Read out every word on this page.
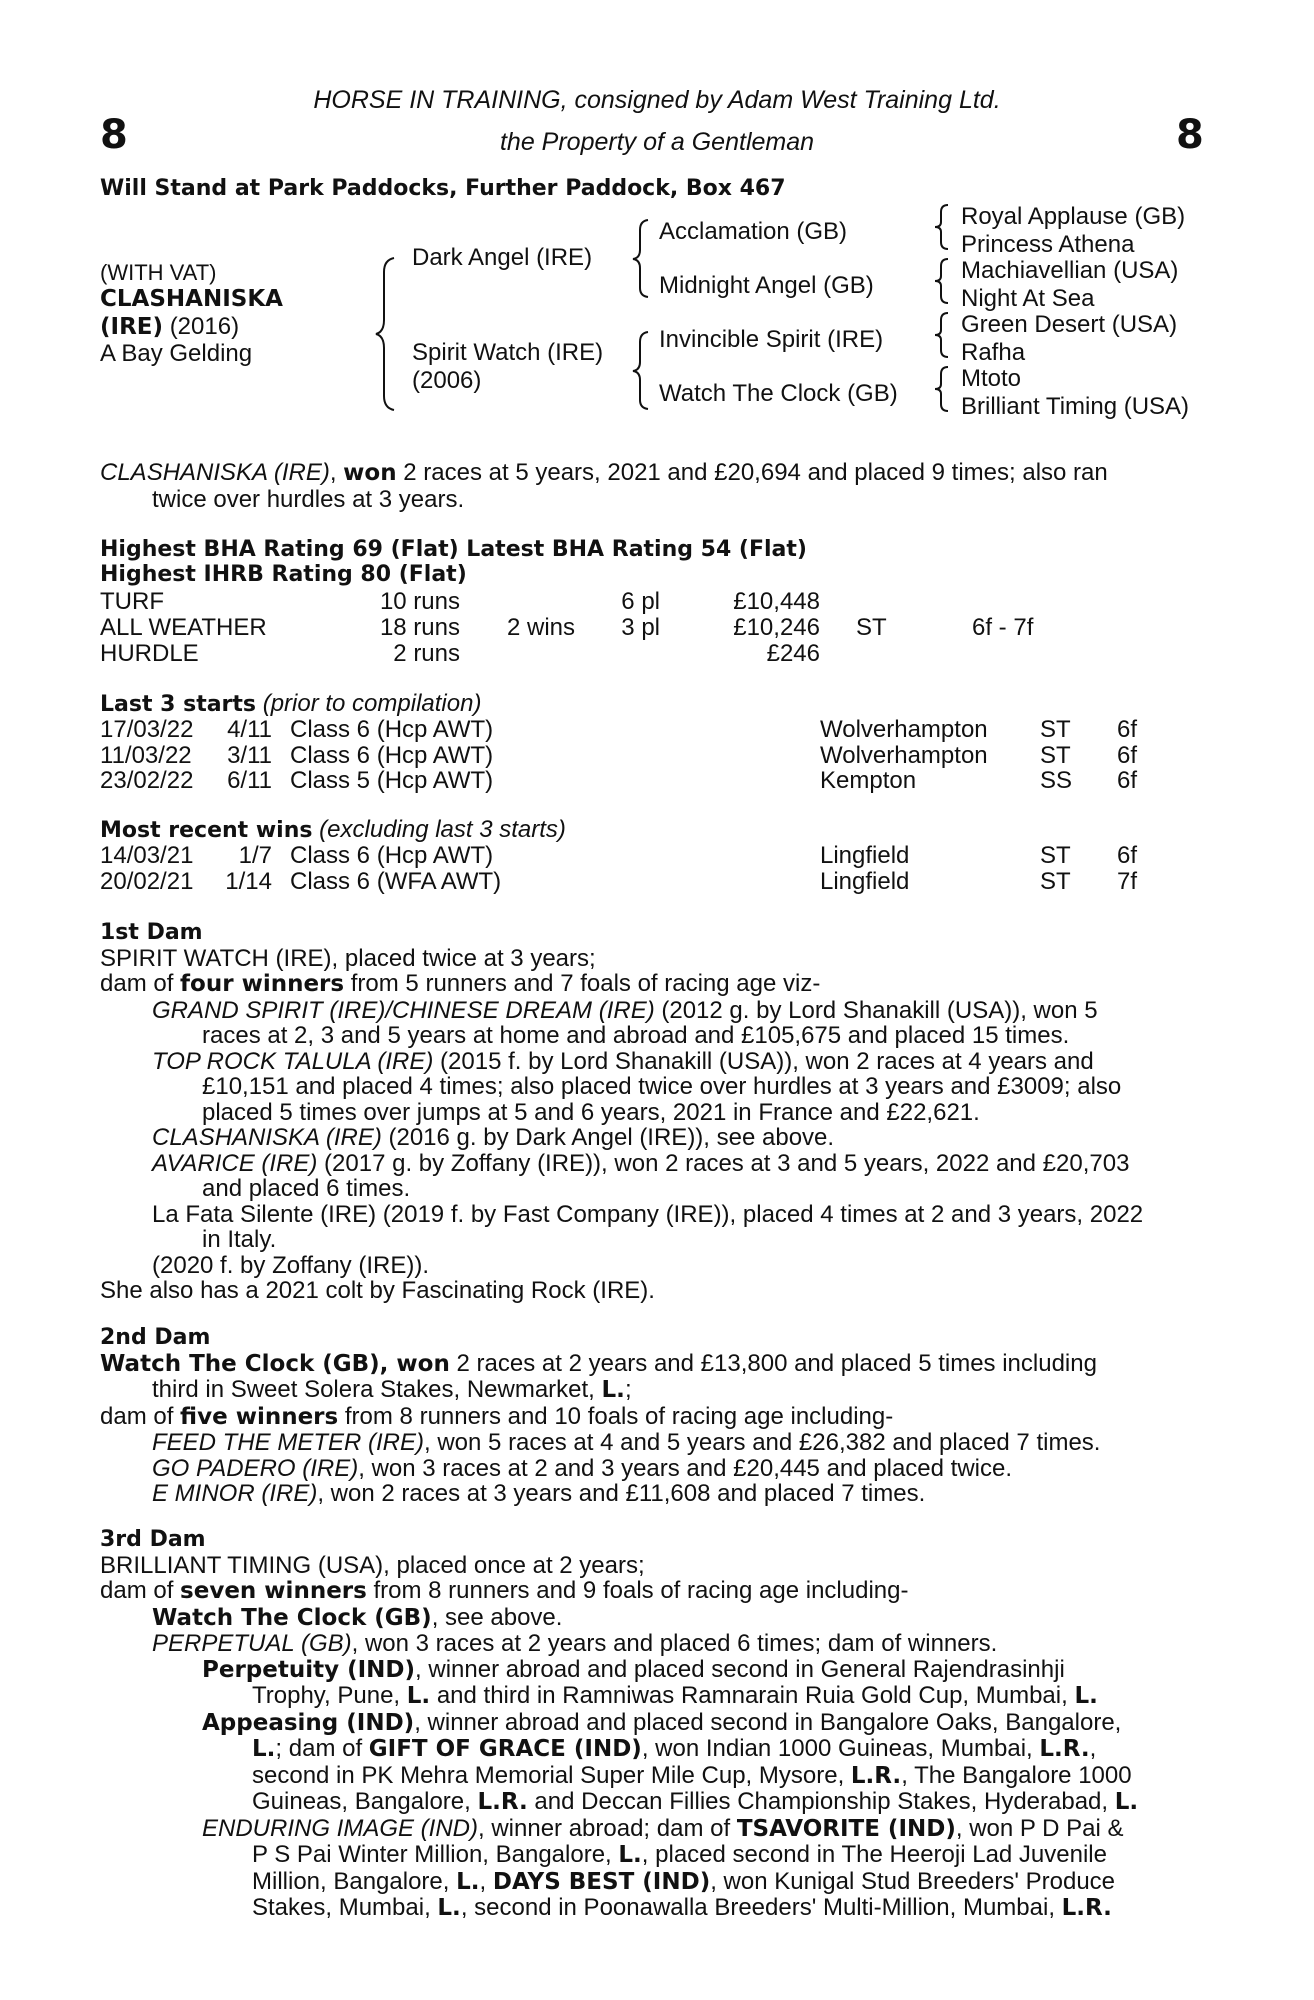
8	8
HORSE IN TRAINING, consigned by Adam West Training Ltd.
the Property of a Gentleman
Will Stand at Park Paddocks, Further Paddock, Box 467
(WITH VAT)
CLASHANISKA
(IRE) (2016)
A Bay Gelding
Dark Angel (IRE)
Spirit Watch (IRE)
(2006)
Acclamation (GB)
Midnight Angel (GB)
Invincible Spirit (IRE)
Watch The Clock (GB)
Royal Applause (GB)
Princess Athena
Machiavellian (USA)
Night At Sea
Green Desert (USA)
Rafha
Mtoto
Brilliant Timing (USA)
CLASHANISKA (IRE), won 2 races at 5 years, 2021 and £20,694 and placed 9 times; also ran
twice over hurdles at 3 years.
Highest BHA Rating 69 (Flat) Latest BHA Rating 54 (Flat)
Highest IHRB Rating 80 (Flat)
TURF	10 runs	6 pl	£10,448
ALL WEATHER	18 runs	2 wins	3 pl	£10,246 ST	6f - 7f
HURDLE	2 runs	£246
Last 3 starts (prior to compilation)
17/03/22	4/11 Class 6 (Hcp AWT)	Wolverhampton	ST	6f
11/03/22	3/11 Class 6 (Hcp AWT)	Wolverhampton	ST	6f
23/02/22	6/11 Class 5 (Hcp AWT)	Kempton	SS	6f
Most recent wins (excluding last 3 starts)
14/03/21	1/7 Class 6 (Hcp AWT)	Lingfield	ST	6f
20/02/21	1/14 Class 6 (WFA AWT)	Lingfield	ST	7f
1st Dam
SPIRIT WATCH (IRE), placed twice at 3 years;
dam of four winners from 5 runners and 7 foals of racing age viz-
GRAND SPIRIT (IRE)/CHINESE DREAM (IRE) (2012 g. by Lord Shanakill (USA)), won 5
races at 2, 3 and 5 years at home and abroad and £105,675 and placed 15 times.
TOP ROCK TALULA (IRE) (2015 f. by Lord Shanakill (USA)), won 2 races at 4 years and
£10,151 and placed 4 times; also placed twice over hurdles at 3 years and £3009; also
placed 5 times over jumps at 5 and 6 years, 2021 in France and £22,621.
CLASHANISKA (IRE) (2016 g. by Dark Angel (IRE)), see above.
AVARICE (IRE) (2017 g. by Zoffany (IRE)), won 2 races at 3 and 5 years, 2022 and £20,703
and placed 6 times.
La Fata Silente (IRE) (2019 f. by Fast Company (IRE)), placed 4 times at 2 and 3 years, 2022
in Italy.
(2020 f. by Zoffany (IRE)).
She also has a 2021 colt by Fascinating Rock (IRE).
2nd Dam
Watch The Clock (GB), won 2 races at 2 years and £13,800 and placed 5 times including
third in Sweet Solera Stakes, Newmarket, L.;
dam of five winners from 8 runners and 10 foals of racing age including-
FEED THE METER (IRE), won 5 races at 4 and 5 years and £26,382 and placed 7 times.
GO PADERO (IRE), won 3 races at 2 and 3 years and £20,445 and placed twice.
E MINOR (IRE), won 2 races at 3 years and £11,608 and placed 7 times.
3rd Dam
BRILLIANT TIMING (USA), placed once at 2 years;
dam of seven winners from 8 runners and 9 foals of racing age including-
Watch The Clock (GB), see above.
PERPETUAL (GB), won 3 races at 2 years and placed 6 times; dam of winners.
Perpetuity (IND), winner abroad and placed second in General Rajendrasinhji
Trophy, Pune, L. and third in Ramniwas Ramnarain Ruia Gold Cup, Mumbai, L.
Appeasing (IND), winner abroad and placed second in Bangalore Oaks, Bangalore,
L.; dam of GIFT OF GRACE (IND), won Indian 1000 Guineas, Mumbai, L.R.,
second in PK Mehra Memorial Super Mile Cup, Mysore, L.R., The Bangalore 1000
Guineas, Bangalore, L.R. and Deccan Fillies Championship Stakes, Hyderabad, L.
ENDURING IMAGE (IND), winner abroad; dam of TSAVORITE (IND), won P D Pai &
P S Pai Winter Million, Bangalore, L., placed second in The Heeroji Lad Juvenile
Million, Bangalore, L., DAYS BEST (IND), won Kunigal Stud Breeders' Produce
Stakes, Mumbai, L., second in Poonawalla Breeders' Multi-Million, Mumbai, L.R.
